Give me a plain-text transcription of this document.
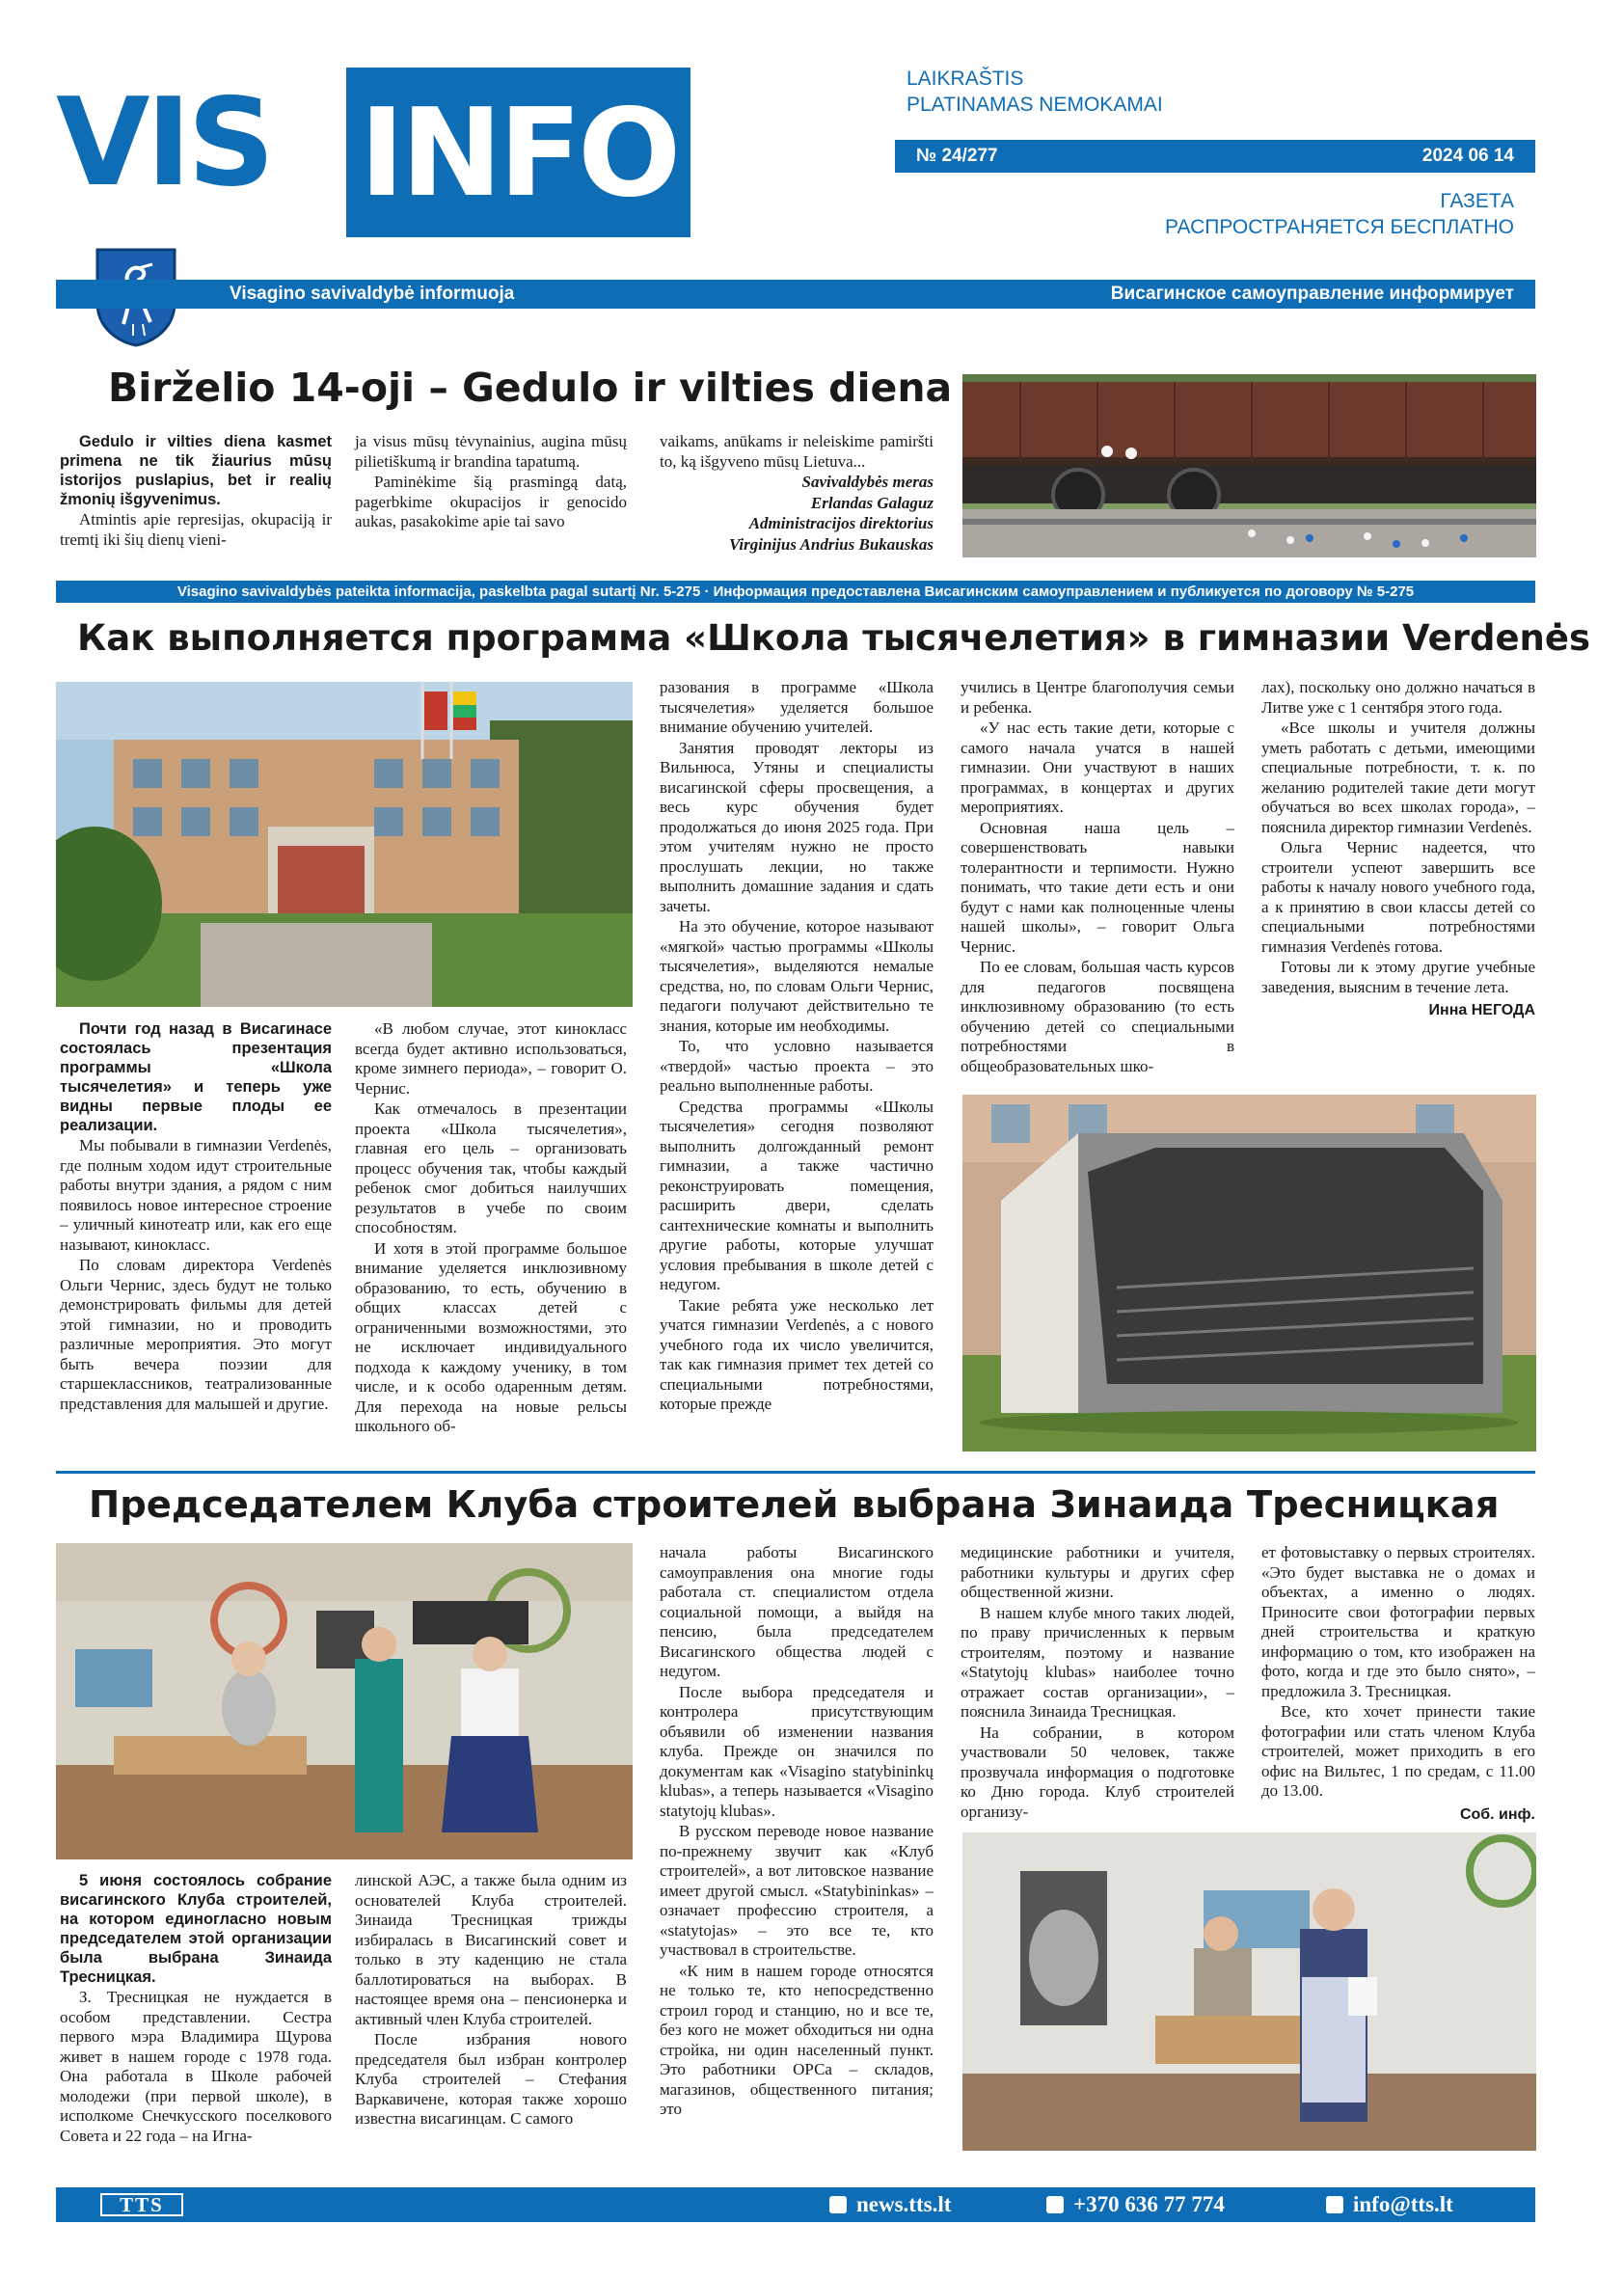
VIS INFO
LAIKRAŠTIS
PLATINAMAS NEMOKAMAI
№ 24/277	2024 06 14
ГАЗЕТА
РАСПРОСТРАНЯЕТСЯ БЕСПЛАТНО
Visagino savivaldybė informuoja	Висагинское самоуправление информирует
Birželio 14-oji – Gedulo ir vilties diena

Gedulo ir vilties diena kasmet primena ne tik žiaurius mūsų istorijos puslapius, bet ir realių žmonių išgyvenimus.

Atmintis apie represijas, okupaciją ir tremtį iki šių dienų vieni-

ja visus mūsų tėvynainius, augina mūsų pilietiškumą ir brandina tapatumą.

Paminėkime šią prasmingą datą, pagerbkime okupacijos ir genocido aukas, pasakokime apie tai savo

vaikams, anūkams ir neleiskime pamiršti to, ką išgyveno mūsų Lietuva...

Savivaldybės meras

Erlandas Galaguz

Administracijos direktorius

Virginijus Andrius Bukauskas

Visagino savivaldybės pateikta informacija, paskelbta pagal sutartį Nr. 5-275 · Информация предоставлена Висагинским самоуправлением и публикуется по договору № 5-275
Как выполняется программа «Школа тысячелетия» в гимназии Verdenės

Почти год назад в Висагинасе состоялась презентация программы «Школа тысячелетия» и теперь уже видны первые плоды ее реализации.

Мы побывали в гимназии Verdenės, где полным ходом идут строительные работы внутри здания, а рядом с ним появилось новое интересное строение – уличный кинотеатр или, как его еще называют, кинокласс.

По словам директора Verdenės Ольги Чернис, здесь будут не только демонстрировать фильмы для детей этой гимназии, но и проводить различные мероприятия. Это могут быть вечера поэзии для старшеклассников, театрализованные представления для малышей и другие.

«В любом случае, этот кинокласс всегда будет активно использоваться, кроме зимнего периода», – говорит О. Чернис.

Как отмечалось в презентации проекта «Школа тысячелетия», главная его цель – организовать процесс обучения так, чтобы каждый ребенок смог добиться наилучших результатов в учебе по своим способностям.

И хотя в этой программе большое внимание уделяется инклюзивному образованию, то есть, обучению в общих классах детей с ограниченными возможностями, это не исключает индивидуального подхода к каждому ученику, в том числе, и к особо одаренным детям. Для перехода на новые рельсы школьного об-

разования в программе «Школа тысячелетия» уделяется большое внимание обучению учителей.

Занятия проводят лекторы из Вильнюса, Утяны и специалисты висагинской сферы просвещения, а весь курс обучения будет продолжаться до июня 2025 года. При этом учителям нужно не просто прослушать лекции, но также выполнить домашние задания и сдать зачеты.

На это обучение, которое называют «мягкой» частью программы «Школы тысячелетия», выделяются немалые средства, но, по словам Ольги Чернис, педагоги получают действительно те знания, которые им необходимы.

То, что условно называется «твердой» частью проекта – это реально выполненные работы.

Средства программы «Школы тысячелетия» сегодня позволяют выполнить долгожданный ремонт гимназии, а также частично реконструировать помещения, расширить двери, сделать сантехнические комнаты и выполнить другие работы, которые улучшат условия пребывания в школе детей с недугом.

Такие ребята уже несколько лет учатся гимназии Verdenės, а с нового учебного года их число увеличится, так как гимназия примет тех детей со специальными потребностями, которые прежде

учились в Центре благополучия семьи и ребенка.

«У нас есть такие дети, которые с самого начала учатся в нашей гимназии. Они участвуют в наших программах, в концертах и других мероприятиях.

Основная наша цель – совершенствовать навыки толерантности и терпимости. Нужно понимать, что такие дети есть и они будут с нами как полноценные члены нашей школы», – говорит Ольга Чернис.

По ее словам, большая часть курсов для педагогов посвящена инклюзивному образованию (то есть обучению детей со специальными потребностями в общеобразовательных шко-

лах), поскольку оно должно начаться в Литве уже с 1 сентября этого года.

«Все школы и учителя должны уметь работать с детьми, имеющими специальные потребности, т. к. по желанию родителей такие дети могут обучаться во всех школах города», – пояснила директор гимназии Verdenės.

Ольга Чернис надеется, что строители успеют завершить все работы к началу нового учебного года, а к принятию в свои классы детей со специальными потребностями гимназия Verdenės готова.

Готовы ли к этому другие учебные заведения, выясним в течение лета.

Инна НЕГОДА

Председателем Клуба строителей выбрана Зинаида Тресницкая

5 июня состоялось собрание висагинского Клуба строителей, на котором единогласно новым председателем этой организации была выбрана Зинаида Тресницкая.

З. Тресницкая не нуждается в особом представлении. Сестра первого мэра Владимира Щурова живет в нашем городе с 1978 года. Она работала в Школе рабочей молодежи (при первой школе), в исполкоме Снечкусского поселкового Совета и 22 года – на Игна-

линской АЭС, а также была одним из основателей Клуба строителей. Зинаида Тресницкая трижды избиралась в Висагинский совет и только в эту каденцию не стала баллотироваться на выборах. В настоящее время она – пенсионерка и активный член Клуба строителей.

После избрания нового председателя был избран контролер Клуба строителей – Стефания Варкавичене, которая также хорошо известна висагинцам. С самого

начала работы Висагинского самоуправления она многие годы работала ст. специалистом отдела социальной помощи, а выйдя на пенсию, была председателем Висагинского общества людей с недугом.

После выбора председателя и контролера присутствующим объявили об изменении названия клуба. Прежде он значился по документам как «Visagino statybininkų klubas», а теперь называется «Visagino statytojų klubas».

В русском переводе новое название по-прежнему звучит как «Клуб строителей», а вот литовское название имеет другой смысл. «Statybininkas» – означает профессию строителя, а «statytojas» – это все те, кто участвовал в строительстве.

«К ним в нашем городе относятся не только те, кто непосредственно строил город и станцию, но и все те, без кого не может обходиться ни одна стройка, ни один населенный пункт. Это работники ОРСа – складов, магазинов, общественного питания; это

медицинские работники и учителя, работники культуры и других сфер общественной жизни.

В нашем клубе много таких людей, по праву причисленных к первым строителям, поэтому и название «Statytojų klubas» наиболее точно отражает состав организации», – пояснила Зинаида Тресницкая.

На собрании, в котором участвовали 50 человек, также прозвучала информация о подготовке ко Дню города. Клуб строителей организу-

ет фотовыставку о первых строителях. «Это будет выставка не о домах и объектах, а именно о людях. Приносите свои фотографии первых дней строительства и краткую информацию о том, кто изображен на фото, когда и где это было снято», – предложила З. Тресницкая.

Все, кто хочет принести такие фотографии или стать членом Клуба строителей, может приходить в его офис на Вильтес, 1 по средам, с 11.00 до 13.00.

Соб. инф.

TTS	news.tts.lt	+370 636 77 774	info@tts.lt
